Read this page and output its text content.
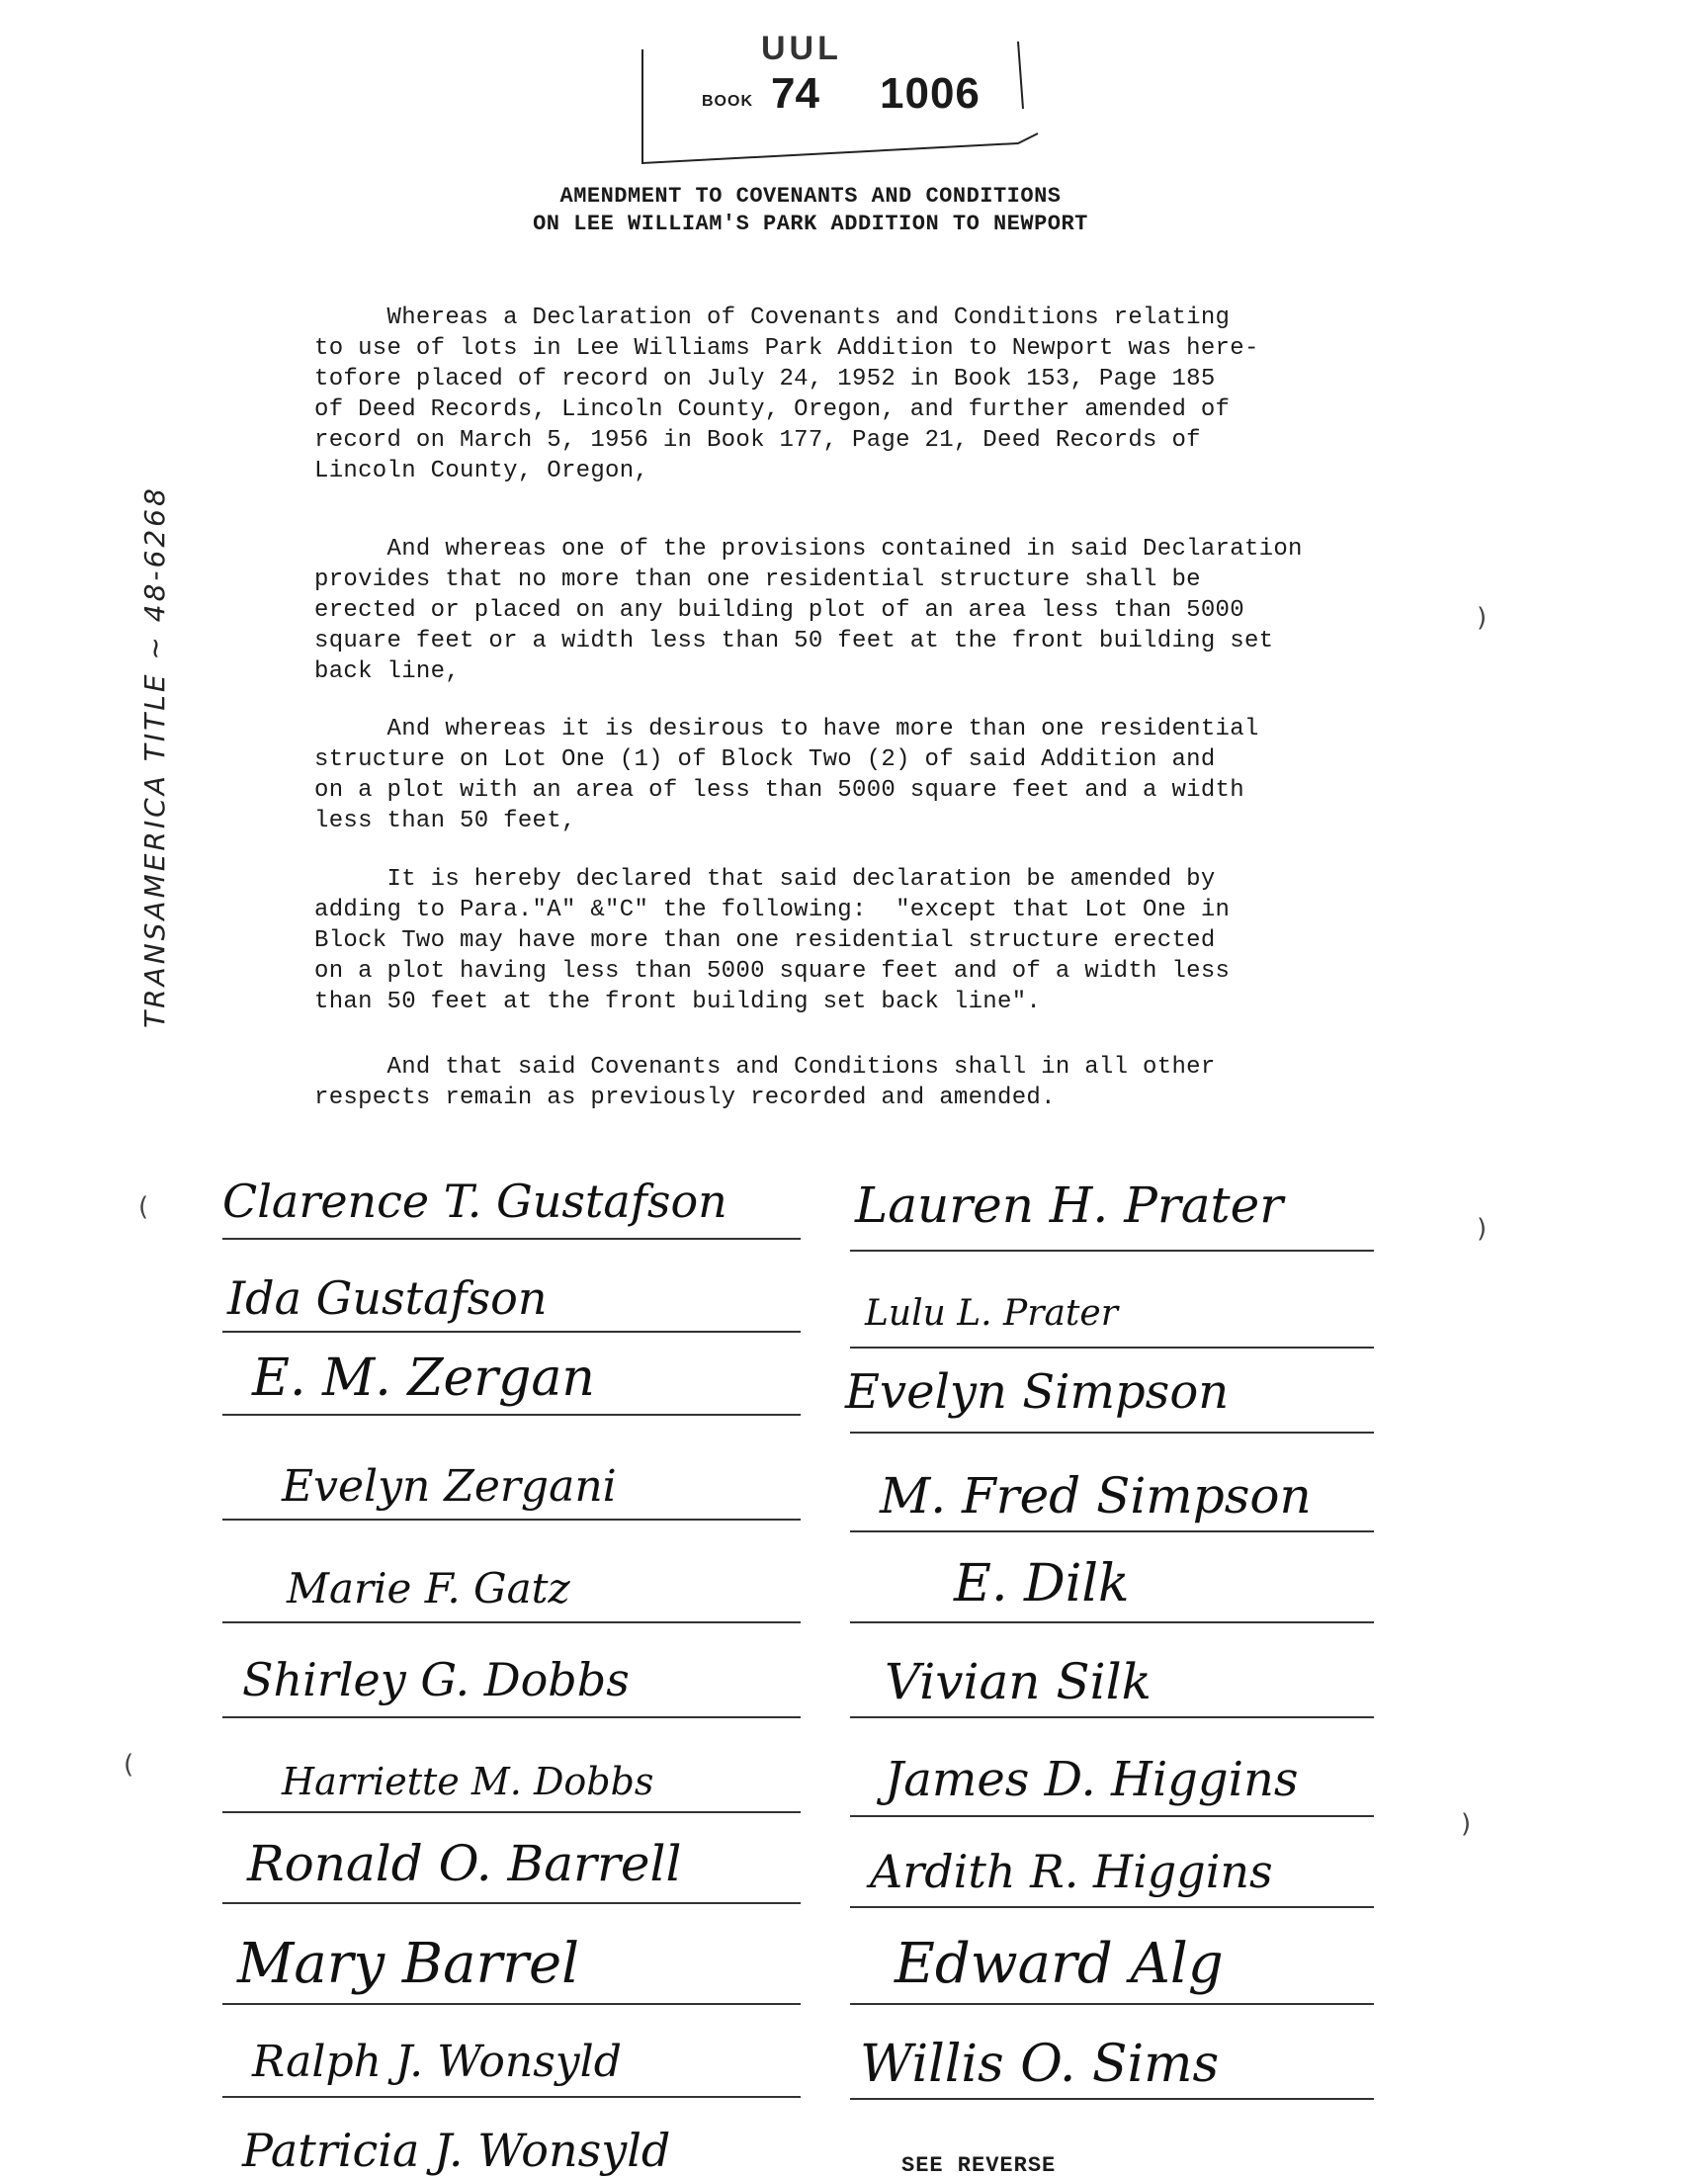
UUL
BOOK 74 1006
AMENDMENT TO COVENANTS AND CONDITIONS
ON LEE WILLIAM'S PARK ADDITION TO NEWPORT
Whereas a Declaration of Covenants and Conditions relating
to use of lots in Lee Williams Park Addition to Newport was here-
tofore placed of record on July 24, 1952 in Book 153, Page 185
of Deed Records, Lincoln County, Oregon, and further amended of
record on March 5, 1956 in Book 177, Page 21, Deed Records of
Lincoln County, Oregon,
And whereas one of the provisions contained in said Declaration
provides that no more than one residential structure shall be
erected or placed on any building plot of an area less than 5000
square feet or a width less than 50 feet at the front building set
back line,
And whereas it is desirous to have more than one residential
structure on Lot One (1) of Block Two (2) of said Addition and
on a plot with an area of less than 5000 square feet and a width
less than 50 feet,
It is hereby declared that said declaration be amended by
adding to Para."A" &"C" the following:  "except that Lot One in
Block Two may have more than one residential structure erected
on a plot having less than 5000 square feet and of a width less
than 50 feet at the front building set back line".
And that said Covenants and Conditions shall in all other
respects remain as previously recorded and amended.
TRANSAMERICA TITLE ~ 48-6268
Clarence T. Gustafson
Ida Gustafson
E. M. Zergan
Evelyn Zergani
Marie F. Gatz
Shirley G. Dobbs
Harriette M. Dobbs
Ronald O. Barrell
Mary Barrel
Ralph J. Wonsyld
Patricia J. Wonsyld
Lauren H. Prater
Lulu L. Prater
Evelyn Simpson
M. Fred Simpson
E. Dilk
Vivian Silk
James D. Higgins
Ardith R. Higgins
Edward Alg
Willis O. Sims
SEE REVERSE
(
(
)
)
)
